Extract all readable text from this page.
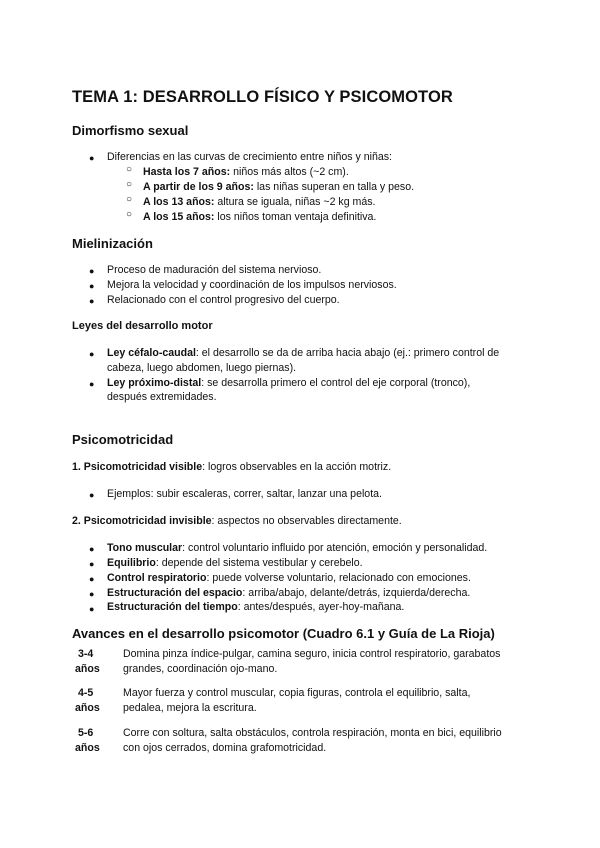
TEMA 1: DESARROLLO FÍSICO Y PSICOMOTOR
Dimorfismo sexual
● Diferencias en las curvas de crecimiento entre niños y niñas:
○ Hasta los 7 años: niños más altos (~2 cm).
○ A partir de los 9 años: las niñas superan en talla y peso.
○ A los 13 años: altura se iguala, niñas ~2 kg más.
○ A los 15 años: los niños toman ventaja definitiva.
Mielinización
● Proceso de maduración del sistema nervioso.
● Mejora la velocidad y coordinación de los impulsos nerviosos.
● Relacionado con el control progresivo del cuerpo.
Leyes del desarrollo motor
● Ley céfalo-caudal: el desarrollo se da de arriba hacia abajo (ej.: primero control de
cabeza, luego abdomen, luego piernas).
● Ley próximo-distal: se desarrolla primero el control del eje corporal (tronco),
después extremidades.
Psicomotricidad
1. Psicomotricidad visible: logros observables en la acción motriz.
● Ejemplos: subir escaleras, correr, saltar, lanzar una pelota.
2. Psicomotricidad invisible: aspectos no observables directamente.
● Tono muscular: control voluntario influido por atención, emoción y personalidad.
● Equilibrio: depende del sistema vestibular y cerebelo.
● Control respiratorio: puede volverse voluntario, relacionado con emociones.
● Estructuración del espacio: arriba/abajo, delante/detrás, izquierda/derecha.
● Estructuración del tiempo: antes/después, ayer-hoy-mañana.
Avances en el desarrollo psicomotor (Cuadro 6.1 y Guía de La Rioja)
3-4
años
Domina pinza índice-pulgar, camina seguro, inicia control respiratorio, garabatos
grandes, coordinación ojo-mano.
4-5
años
Mayor fuerza y control muscular, copia figuras, controla el equilibrio, salta,
pedalea, mejora la escritura.
5-6
años
Corre con soltura, salta obstáculos, controla respiración, monta en bici, equilibrio
con ojos cerrados, domina grafomotricidad.
